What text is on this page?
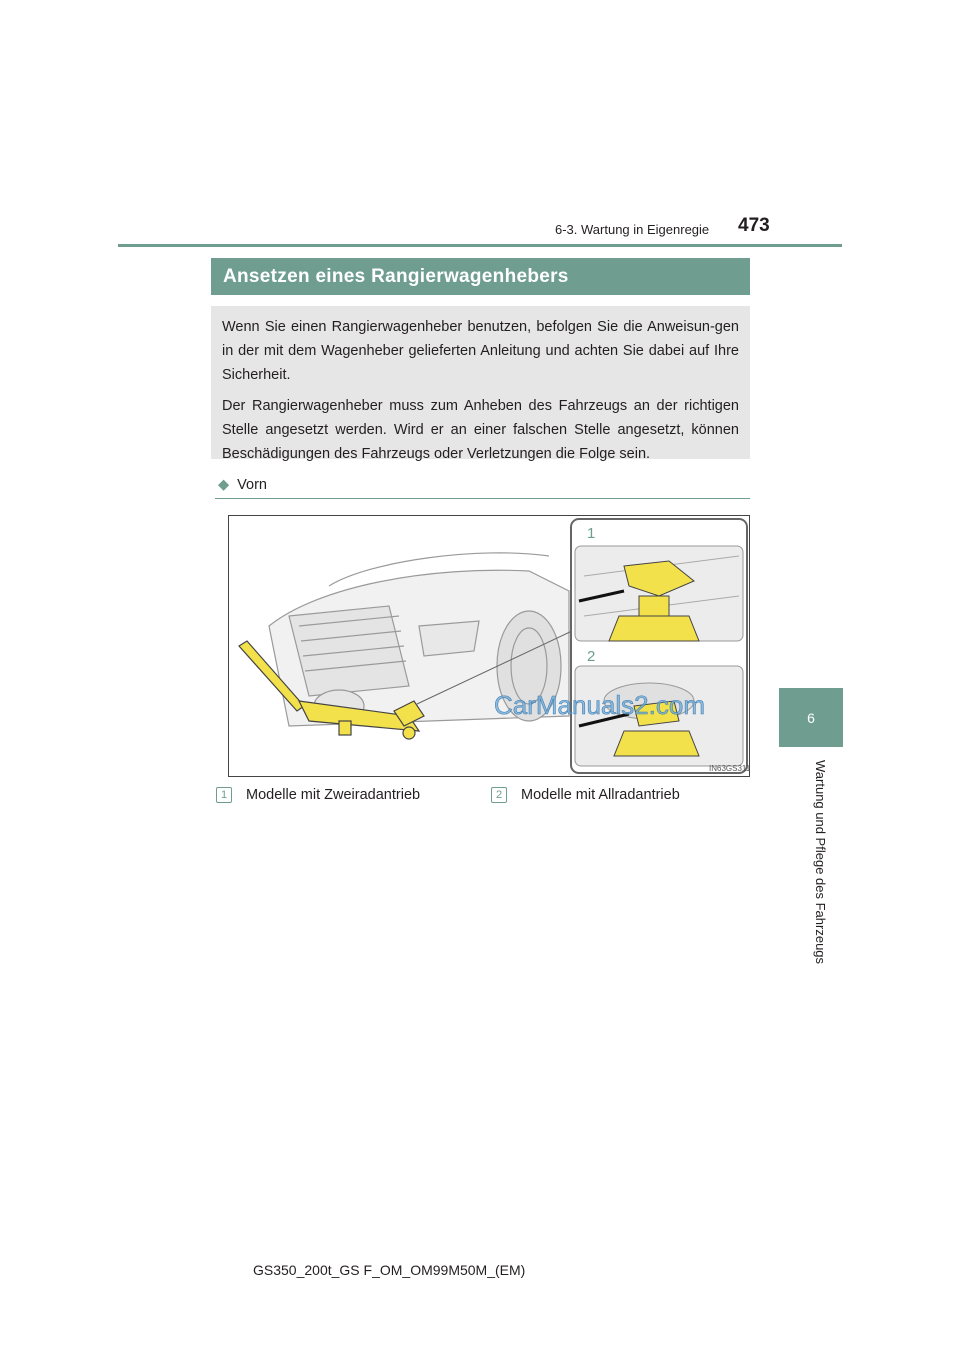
6-3. Wartung in Eigenregie 473
6
Wartung und Pflege des Fahrzeugs
Ansetzen eines Rangierwagenhebers

Wenn Sie einen Rangierwagenheber benutzen, befolgen Sie die Anweisun-gen in der mit dem Wagenheber gelieferten Anleitung und achten Sie dabei auf Ihre Sicherheit.

Der Rangierwagenheber muss zum Anheben des Fahrzeugs an der richtigen Stelle angesetzt werden. Wird er an einer falschen Stelle angesetzt, können Beschädigungen des Fahrzeugs oder Verletzungen die Folge sein.

◆ Vorn
1
2
CarManuals2.com
IN63GS311
1 Modelle mit Zweiradantrieb	2 Modelle mit Allradantrieb
GS350_200t_GS F_OM_OM99M50M_(EM)
